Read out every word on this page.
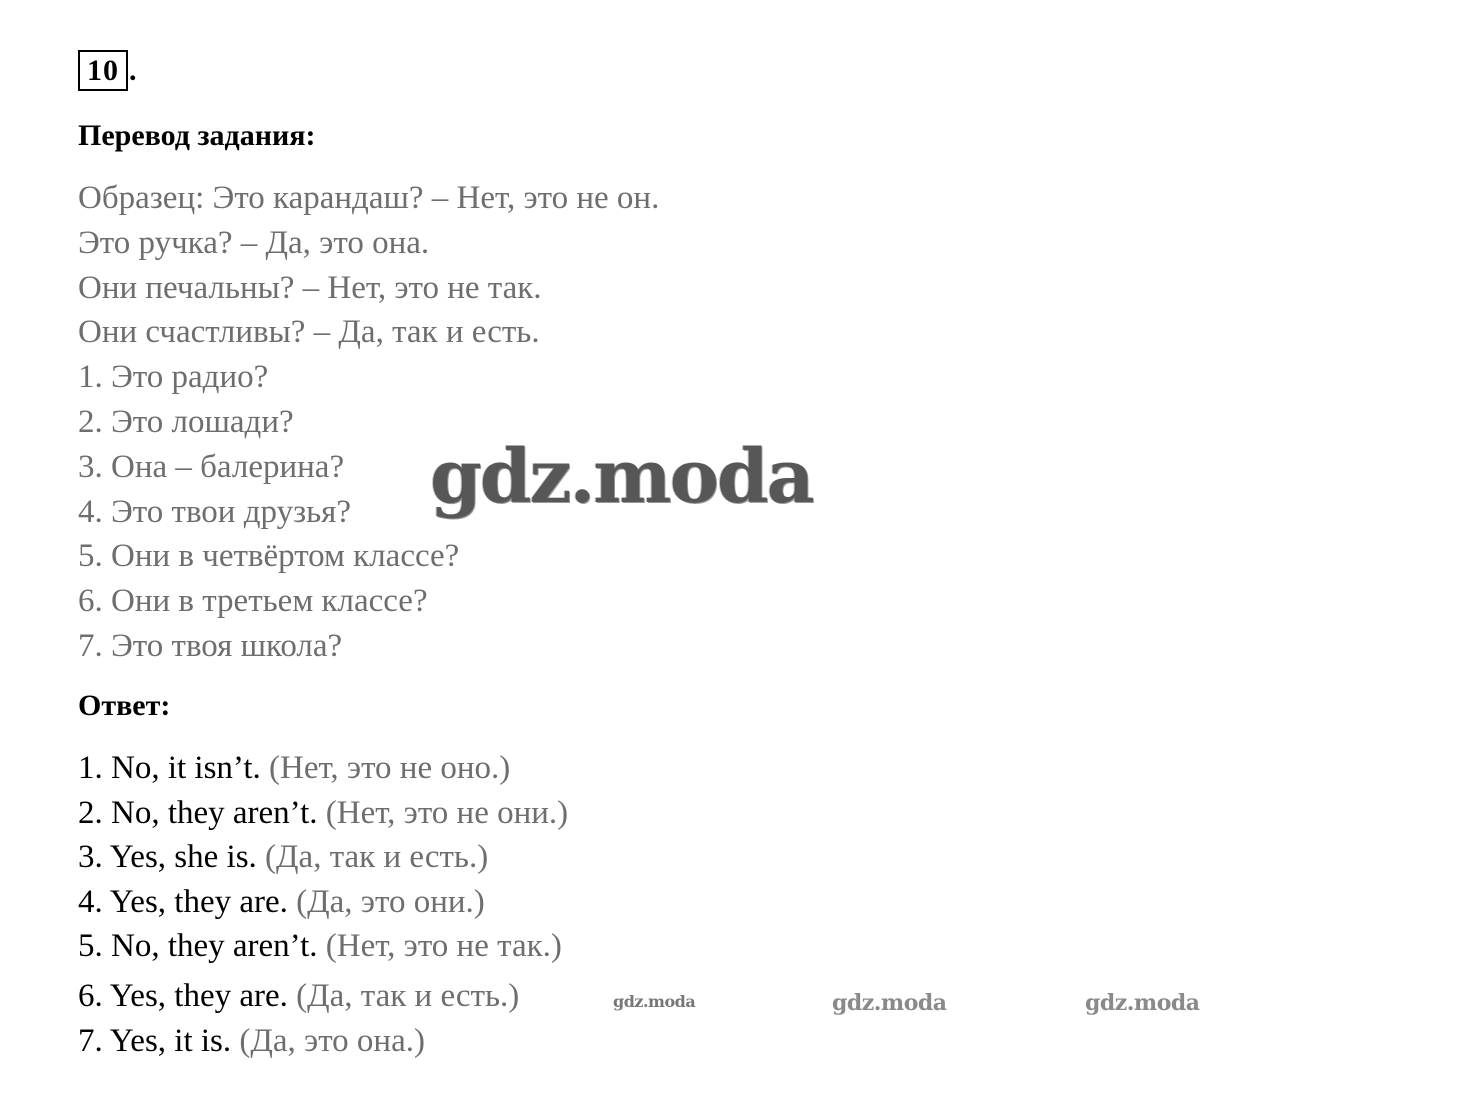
10 .
Перевод задания:
Образец: Это карандаш? – Нет, это не он.
Это ручка? – Да, это она.
Они печальны? – Нет, это не так.
Они счастливы? – Да, так и есть.
1. Это радио?
2. Это лошади?
3. Она – балерина?
4. Это твои друзья?
5. Они в четвёртом классе?
6. Они в третьем классе?
7. Это твоя школа?
Ответ:
1. No, it isn’t. (Нет, это не оно.)
2. No, they aren’t. (Нет, это не они.)
3. Yes, she is. (Да, так и есть.)
4. Yes, they are. (Да, это они.)
5. No, they aren’t. (Нет, это не так.)
6. Yes, they are. (Да, так и есть.)
7. Yes, it is. (Да, это она.)
gdz.moda
gdz.moda	gdz.moda	gdz.moda
